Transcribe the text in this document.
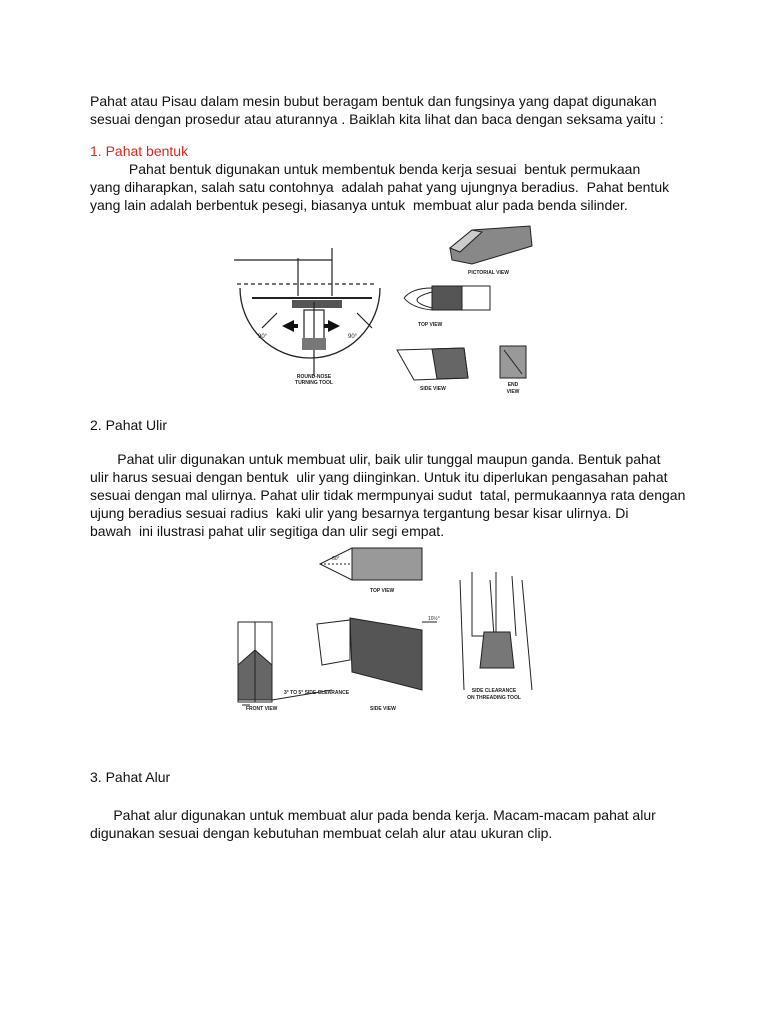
Pahat atau Pisau dalam mesin bubut beragam bentuk dan fungsinya yang dapat digunakan
sesuai dengan prosedur atau aturannya . Baiklah kita lihat dan baca dengan seksama yaitu :
1. Pahat bentuk
Pahat bentuk digunakan untuk membentuk benda kerja sesuai  bentuk permukaan
yang diharapkan, salah satu contohnya  adalah pahat yang ujungnya beradius.  Pahat bentuk
yang lain adalah berbentuk pesegi, biasanya untuk  membuat alur pada benda silinder.
90°	90°
ROUND-NOSE
TURNING TOOL
PICTORIAL VIEW
TOP VIEW
SIDE VIEW
END
VIEW
2. Pahat Ulir
Pahat ulir digunakan untuk membuat ulir, baik ulir tunggal maupun ganda. Bentuk pahat
ulir harus sesuai dengan bentuk  ulir yang diinginkan. Untuk itu diperlukan pengasahan pahat
sesuai dengan mal ulirnya. Pahat ulir tidak mermpunyai sudut  tatal, permukaannya rata dengan
ujung beradius sesuai radius  kaki ulir yang besarnya tergantung besar kisar ulirnya. Di
bawah  ini ilustrasi pahat ulir segitiga dan ulir segi empat.
60°
TOP VIEW
FRONT VIEW
10½°
3° TO 5° SIDE CLEARANCE
SIDE VIEW
SIDE CLEARANCE
ON THREADING TOOL
3. Pahat Alur
Pahat alur digunakan untuk membuat alur pada benda kerja. Macam-macam pahat alur
digunakan sesuai dengan kebutuhan membuat celah alur atau ukuran clip.
